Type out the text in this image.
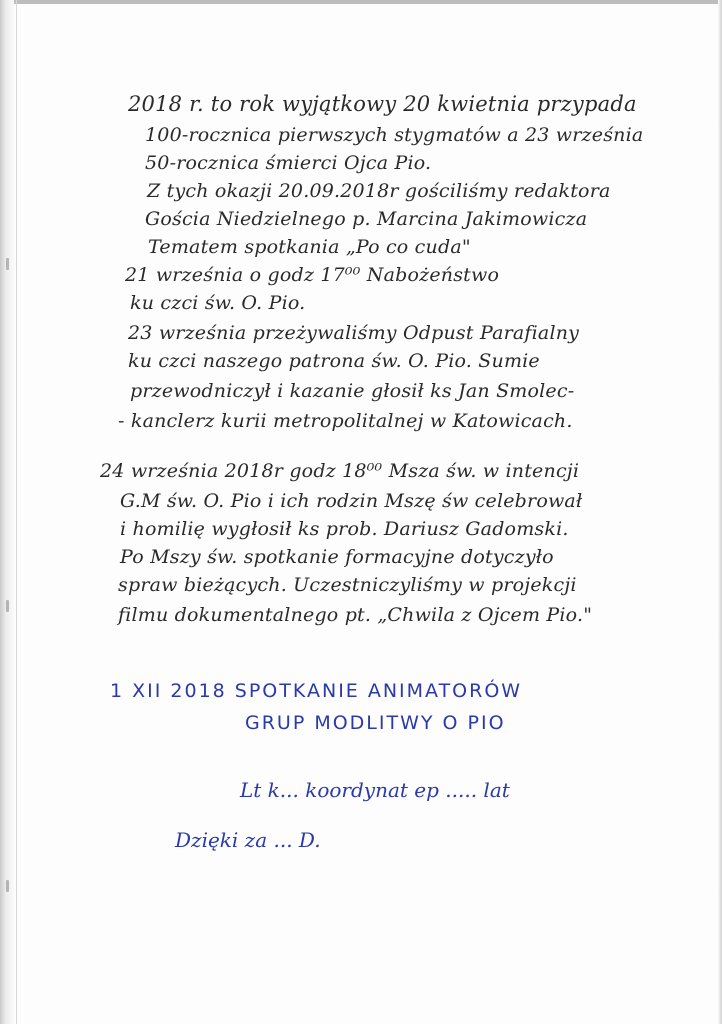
2018 r. to rok wyjątkowy 20 kwietnia przypada
100-rocznica pierwszych stygmatów a 23 września
50-rocznica śmierci Ojca Pio.
Z tych okazji 20.09.2018r gościliśmy redaktora
Gościa Niedzielnego p. Marcina Jakimowicza
Tematem spotkania „Po co cuda"
21 września o godz 17⁰⁰ Nabożeństwo
ku czci św. O. Pio.
23 września przeżywaliśmy Odpust Parafialny
ku czci naszego patrona św. O. Pio. Sumie
przewodniczył i kazanie głosił ks Jan Smolec-
- kanclerz kurii metropolitalnej w Katowicach.
24 września 2018r godz 18⁰⁰ Msza św. w intencji
G.M św. O. Pio i ich rodzin Mszę św celebrował
i homilię wygłosił ks prob. Dariusz Gadomski.
Po Mszy św. spotkanie formacyjne dotyczyło
spraw bieżących. Uczestniczyliśmy w projekcji
filmu dokumentalnego pt. „Chwila z Ojcem Pio."
1 XII 2018 SPOTKANIE ANIMATORÓW
GRUP MODLITWY O PIO
Lt k... koordynat ep ..... lat
Dzięki za ... D.
